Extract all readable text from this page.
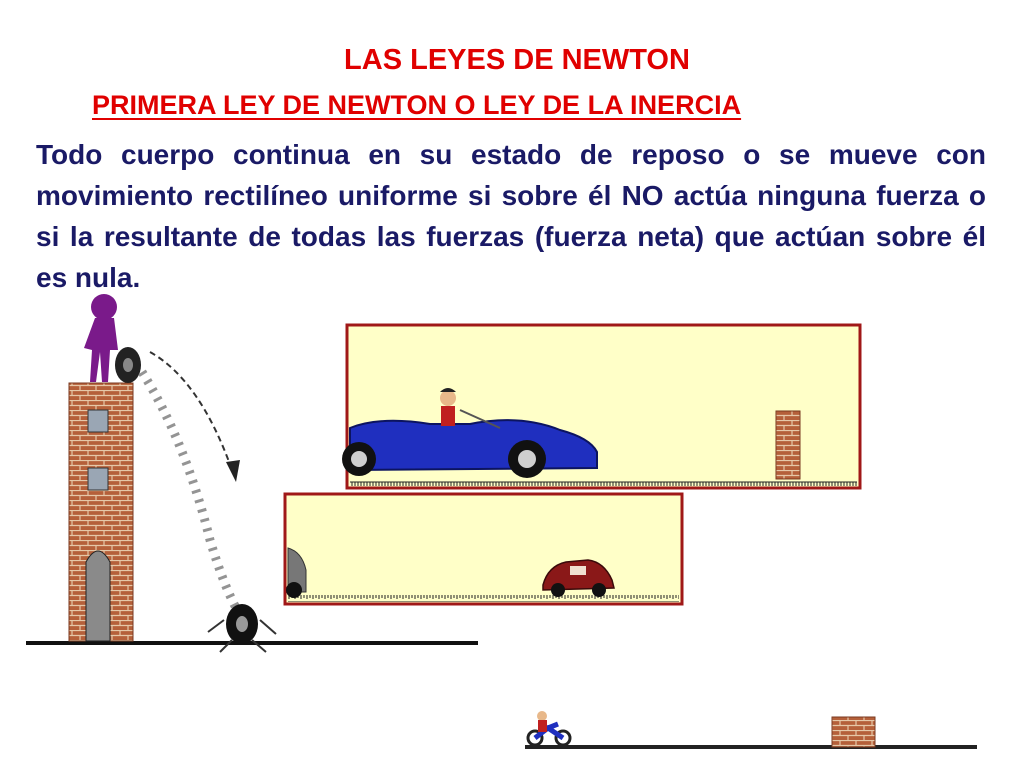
LAS LEYES DE NEWTON
PRIMERA LEY DE NEWTON O LEY DE LA INERCIA
Todo cuerpo continua en su estado de reposo o se mueve con movimiento rectilíneo uniforme si sobre él NO actúa ninguna fuerza o si la resultante de todas las fuerzas (fuerza neta) que actúan sobre él es nula.
